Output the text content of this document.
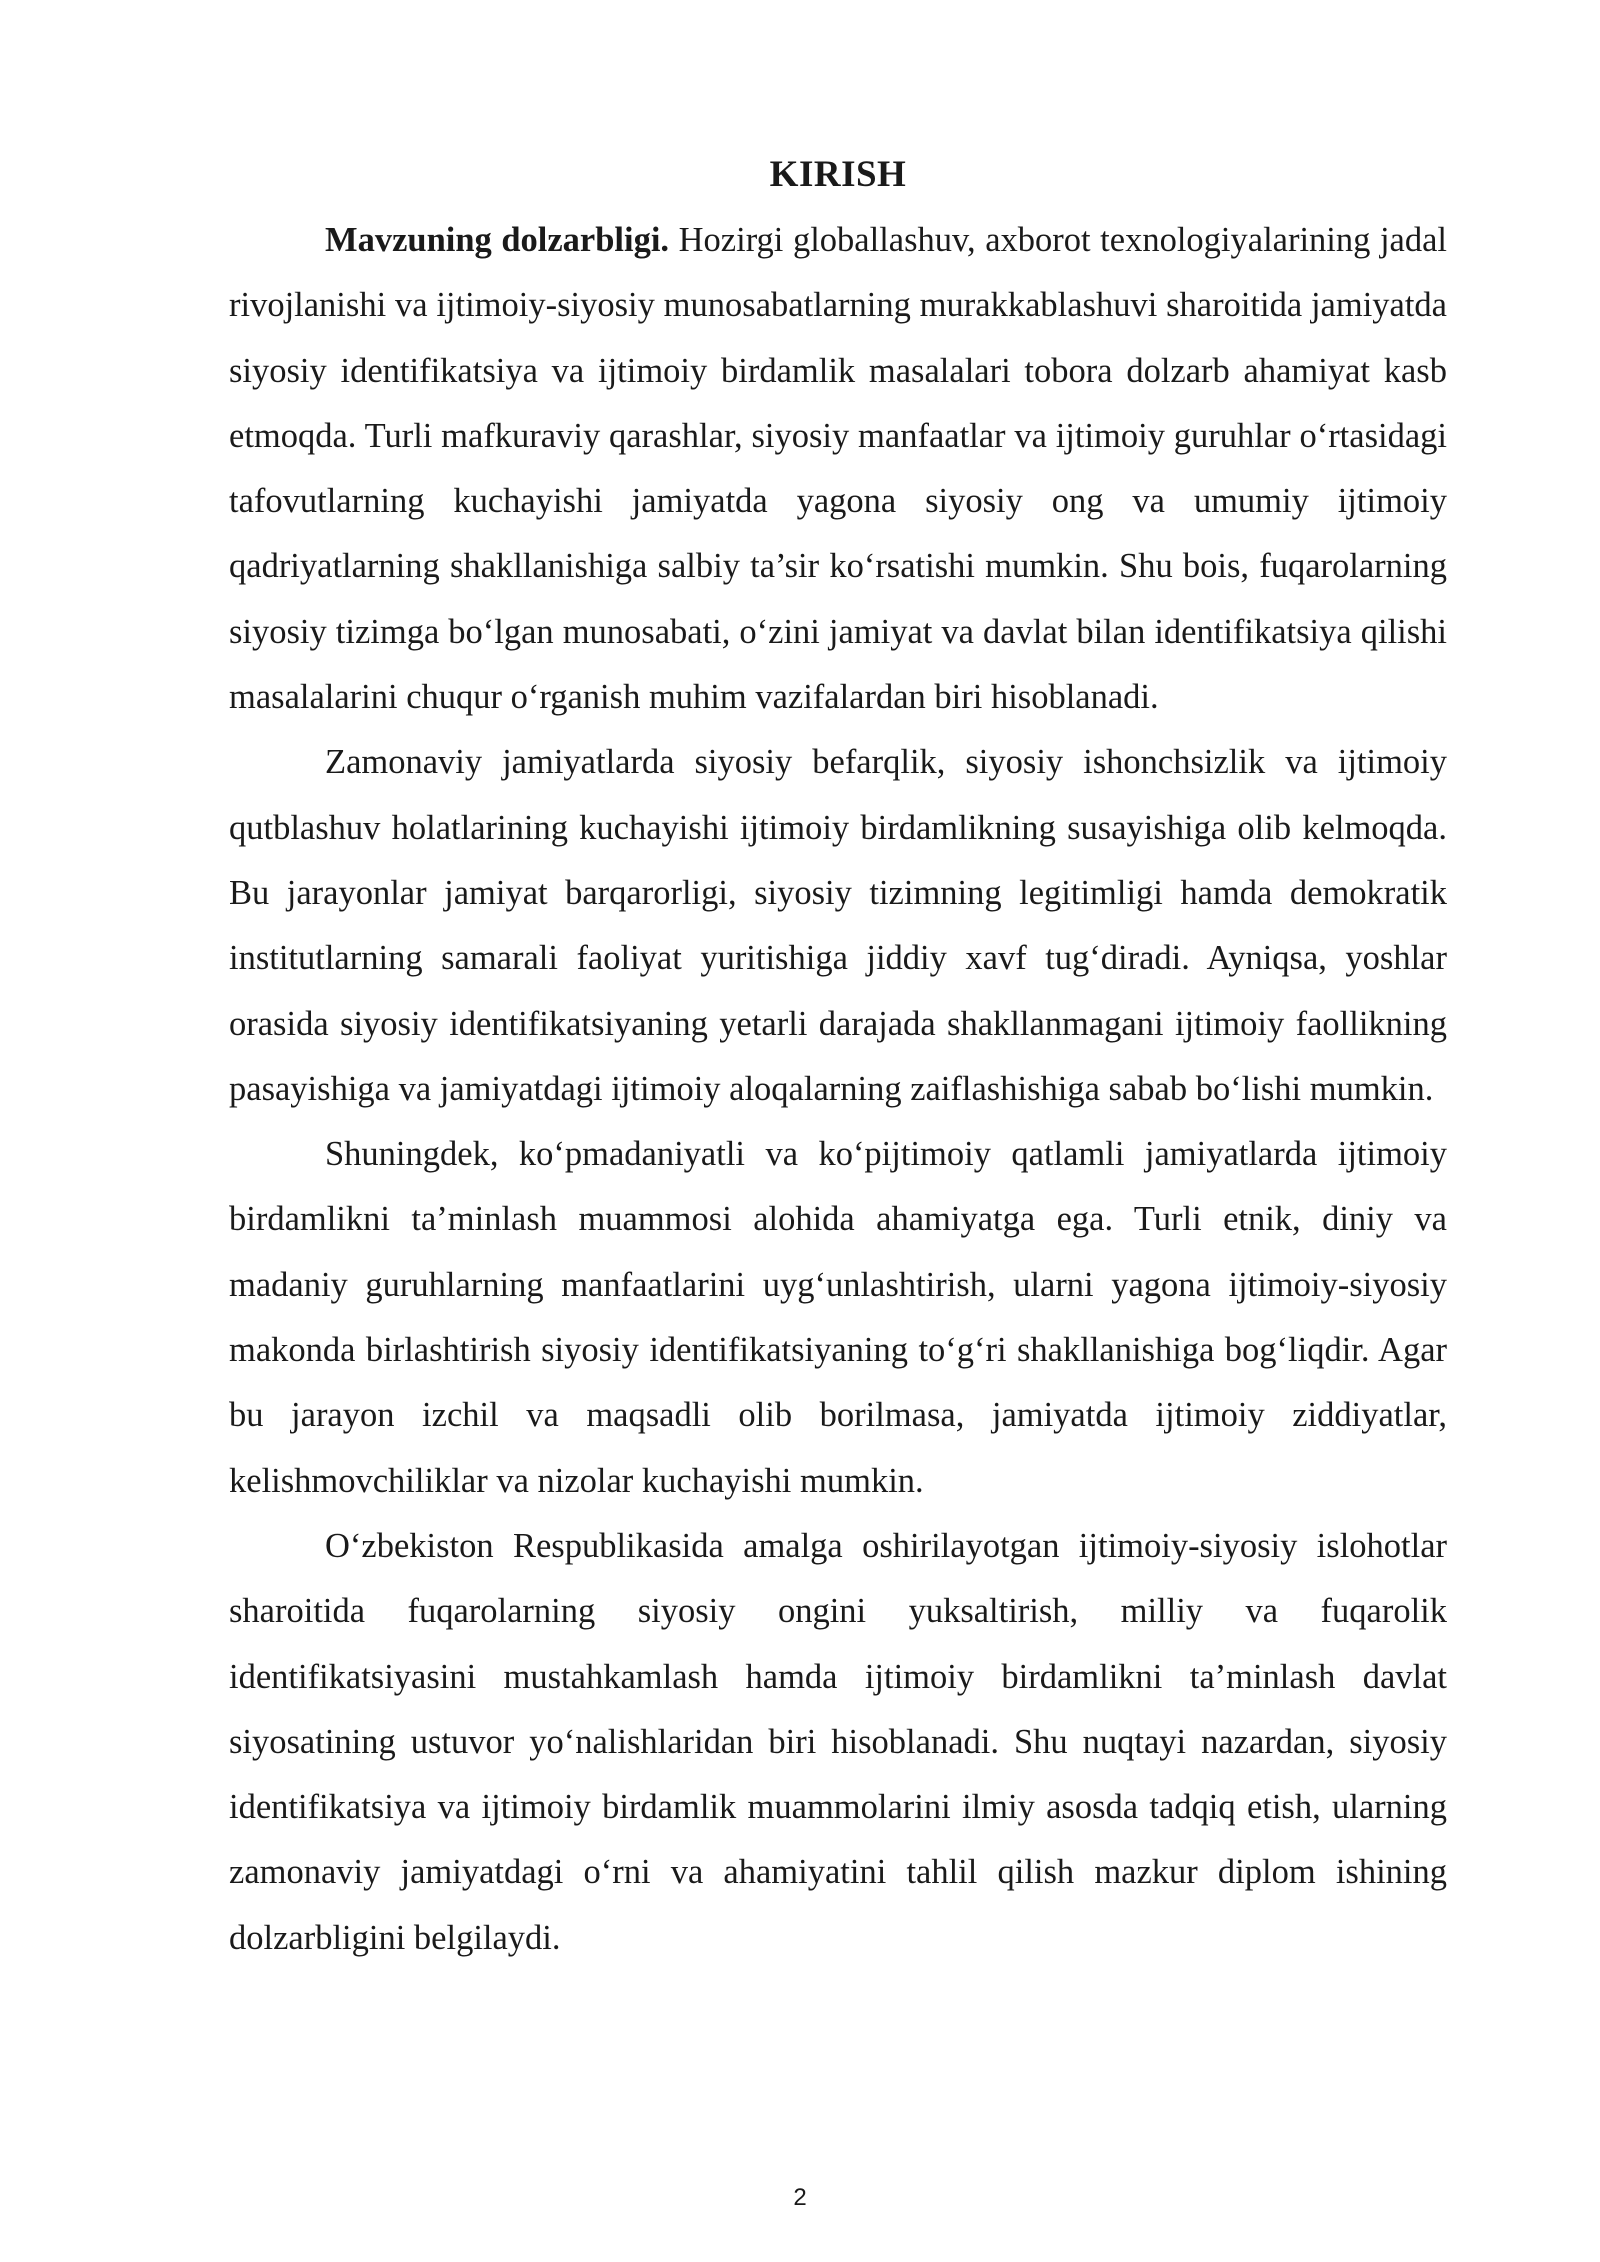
KIRISH

Mavzuning dolzarbligi. Hozirgi globallashuv, axborot texnologiyalarining jadal rivojlanishi va ijtimoiy-siyosiy munosabatlarning murakkablashuvi sharoitida jamiyatda siyosiy identifikatsiya va ijtimoiy birdamlik masalalari tobora dolzarb ahamiyat kasb etmoqda. Turli mafkuraviy qarashlar, siyosiy manfaatlar va ijtimoiy guruhlar o‘rtasidagi tafovutlarning kuchayishi jamiyatda yagona siyosiy ong va umumiy ijtimoiy qadriyatlarning shakllanishiga salbiy ta’sir ko‘rsatishi mumkin. Shu bois, fuqarolarning siyosiy tizimga bo‘lgan munosabati, o‘zini jamiyat va davlat bilan identifikatsiya qilishi masalalarini chuqur o‘rganish muhim vazifalardan biri hisoblanadi.

Zamonaviy jamiyatlarda siyosiy befarqlik, siyosiy ishonchsizlik va ijtimoiy qutblashuv holatlarining kuchayishi ijtimoiy birdamlikning susayishiga olib kelmoqda. Bu jarayonlar jamiyat barqarorligi, siyosiy tizimning legitimligi hamda demokratik institutlarning samarali faoliyat yuritishiga jiddiy xavf tug‘diradi. Ayniqsa, yoshlar orasida siyosiy identifikatsiyaning yetarli darajada shakllanmagani ijtimoiy faollikning pasayishiga va jamiyatdagi ijtimoiy aloqalarning zaiflashishiga sabab bo‘lishi mumkin.

Shuningdek, ko‘pmadaniyatli va ko‘pijtimoiy qatlamli jamiyatlarda ijtimoiy birdamlikni ta’minlash muammosi alohida ahamiyatga ega. Turli etnik, diniy va madaniy guruhlarning manfaatlarini uyg‘unlashtirish, ularni yagona ijtimoiy-siyosiy makonda birlashtirish siyosiy identifikatsiyaning to‘g‘ri shakllanishiga bog‘liqdir. Agar bu jarayon izchil va maqsadli olib borilmasa, jamiyatda ijtimoiy ziddiyatlar, kelishmovchiliklar va nizolar kuchayishi mumkin.

O‘zbekiston Respublikasida amalga oshirilayotgan ijtimoiy-siyosiy islohotlar sharoitida fuqarolarning siyosiy ongini yuksaltirish, milliy va fuqarolik identifikatsiyasini mustahkamlash hamda ijtimoiy birdamlikni ta’minlash davlat siyosatining ustuvor yo‘nalishlaridan biri hisoblanadi. Shu nuqtayi nazardan, siyosiy identifikatsiya va ijtimoiy birdamlik muammolarini ilmiy asosda tadqiq etish, ularning zamonaviy jamiyatdagi o‘rni va ahamiyatini tahlil qilish mazkur diplom ishining dolzarbligini belgilaydi.

2
